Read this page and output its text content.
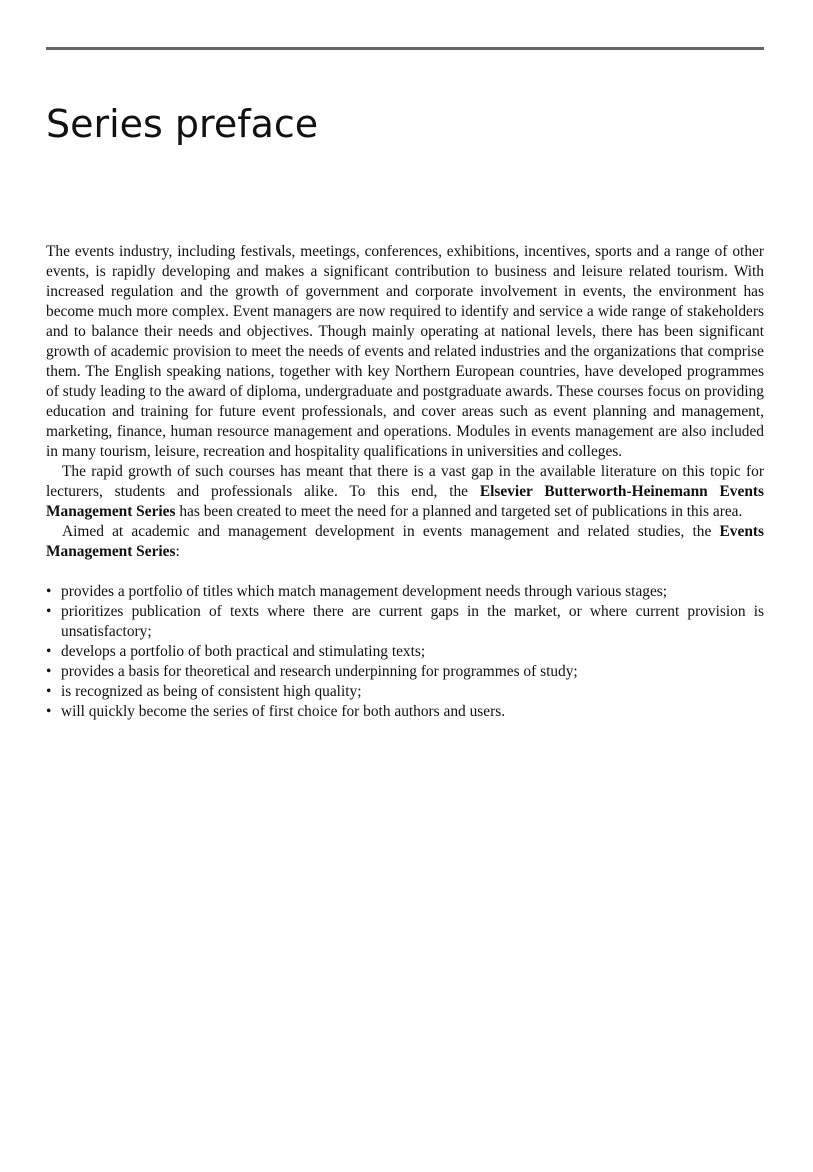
Series preface

The events industry, including festivals, meetings, conferences, exhibitions, incentives, sports and a range of other events, is rapidly developing and makes a significant contribution to business and leisure related tourism. With increased regulation and the growth of government and corporate involvement in events, the environment has become much more complex. Event managers are now required to identify and service a wide range of stakeholders and to balance their needs and objectives. Though mainly operating at national levels, there has been significant growth of academic provision to meet the needs of events and related industries and the organizations that comprise them. The English speaking nations, together with key Northern European countries, have developed programmes of study leading to the award of diploma, undergraduate and postgraduate awards. These courses focus on providing education and training for future event professionals, and cover areas such as event planning and management, marketing, finance, human resource management and operations. Modules in events management are also included in many tourism, leisure, recreation and hospitality qualifications in universities and colleges.

The rapid growth of such courses has meant that there is a vast gap in the available literature on this topic for lecturers, students and professionals alike. To this end, the Elsevier Butterworth-Heinemann Events Management Series has been created to meet the need for a planned and targeted set of publications in this area.

Aimed at academic and management development in events management and related studies, the Events Management Series:

• provides a portfolio of titles which match management development needs through various stages;
• prioritizes publication of texts where there are current gaps in the market, or where current provision is unsatisfactory;
• develops a portfolio of both practical and stimulating texts;
• provides a basis for theoretical and research underpinning for programmes of study;
• is recognized as being of consistent high quality;
• will quickly become the series of first choice for both authors and users.
